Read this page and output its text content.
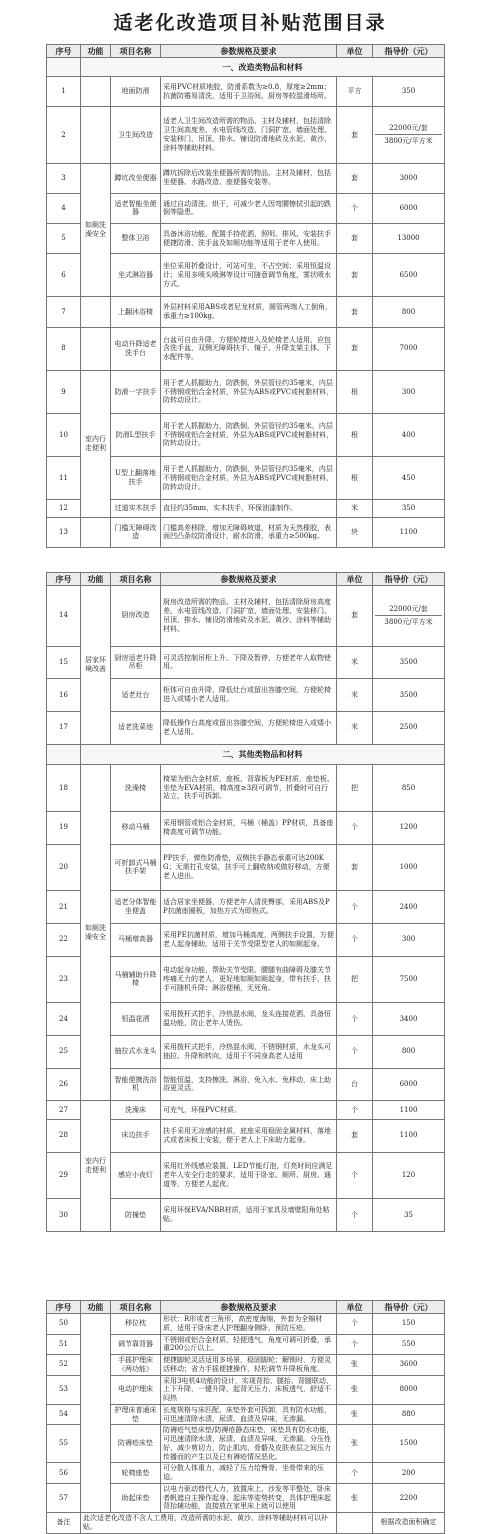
适老化改造项目补贴范围目录
序号	功能	项目名称	参数规格及要求	单位	指导价（元）
	一、改造类物品和材料				
1		地面防滑	采用PVC材质地胶，防滑系数为≥0.8，厚度≥2mm；抗菌防霉易清洗，适用于卫浴间、厨房等较湿滑场所。	平方	350
2		卫生间改造	适老人卫生间改造所需的物品、主材及辅材，包括清除卫生间高度差、水电管线改造、门洞扩宽、墙面处理、安装移门、吊顶、排水、铺设防滑地砖及水泥、黄沙、涂料等辅助材料。	套	22000元/套
3800元/平方米

3	如厕洗澡安全	蹲坑改坐便器	蹲坑拆除后改装坐便器所需的物品、主材及辅材，包括坐便器、水路改造、座便器安装等。	套	3000
4		适老智能坐便器	通过自动清洗、烘干，可减少老人因弯腰擦拭引起的跌倒等隐患。	个	6000
5		整体卫浴	具备沐浴功能，配置手持花洒、照明、排风、安装扶手便捷防滑、洗手盆及如厕功能等适用于老年人使用。	套	13000
6		坐式淋浴器	坐位采用折叠设计，可站可坐，不占空间；采用恒温设计；采用多喷头喷淋等设计可随意调节角度，雾状喷水方式。	套	6500
7		上翻沐浴椅	外层材料采用ABS或者尼龙材质，圆管两端人工倒角，承重力≥100kg。	套	800
8		电动升降适老洗手台	台盆可自由升降，方便轮椅进入及轮椅老人适用，应包含洗手盆、双侧无障碍扶手、镜子、升降支架主体、下水配件等。	套	7000
9	室内行走便利	防滑一字扶手	用于老人抓握助力，防跌倒，外层管径约35毫米，内层不锈钢或铝合金材质，外层为ABS或PVC或树脂材料，防转动设计。	根	300
10		防滑L型扶手	用于老人抓握助力，防跌倒，外层管径约35毫米，内层不锈钢或铝合金材质，外层为ABS或PVC或树脂材料，防转动设计。	根	400
11		U型上翻落地扶手	用于老人抓握助力，防跌倒，外层管径约35毫米，内层不锈钢或铝合金材质，外层为ABS或PVC或树脂材料，防转动设计。	根	450
12		过道实木扶手	直径约35mm，实木扶手，环保油漆制作。	米	350
13		门槛无障碍改造	门槛高差移除，增加无障碍坡道，材质为天然橡胶，表面凹凸条纹防滑设计，耐水防滑，承重力≥500kg。	块	1100
序号	功能	项目名称	参数规格及要求	单位	指导价（元）
14	居家环境改善	厨房改造	厨房改造所需的物品、主材及辅材，包括清除厨房高度差、水电管线改造、门洞扩宽、墙面处理、安装移门、吊顶、排水、铺设防滑地砖及水泥、黄沙、涂料等辅助材料。	套	22000元/套
3800元/平方米

15		厨房适老升降吊柜	可灵活控制吊柜上升、下降及暂停，方便老年人取物使用。	米	3500
16		适老灶台	柜体可自由升降，降低灶台或留出容膝空间，方便轮椅进入或矮小老人适用。	米	3500
17		适老洗菜池	降低操作台高度或留出容膝空间，方便轮椅进入或矮小老人适用。	米	2500
	二、其他类物品和材料				
18	如厕洗澡安全	洗澡椅	椅架为铝合金材质，座板、背靠板为PE材质，座垫板、坐垫为EVA材质，椅高度≥3段可调节，折叠时可自行站立，扶手可拆卸。	把	850
19		移动马桶	采用钢管或铝合金材质，马桶（桶盖）PP材质，具备座椅高度可调节功能。	个	1200
20		可折卸式马桶扶手架	PP扶手，弹性防滑垫，双侧扶手静态承重可达200KG；无需打孔安装，扶手可上翻收纳或做好移动，方便老人进出。	套	1000
21		适老分体智能坐便盖	适合居家坐便器，方便老年人清洗臀部，采用ABS及PP抗菌座圈板，加热方式为即热式。	个	2400
22		马桶增高器	采用PE抗菌材质，增加马桶高度，两侧扶手设置，方便老人起身辅助，适用于关节受限型老人的如厕起身。	个	300
23		马桶辅助升降椅	电动起身功能，帮助关节受限、腰腿有曲障碍及膝关节疼痛无力的老人，更好地如厕如厕起身，带有扶手，扶手可随机升降；淋浴便桶，无死角。	把	7500
24		恒温花洒	采用拨杆式把手，冷热混水阀，龙头连接花洒，具备恒温功能，防止老年人烫伤。	个	3400
25		抽拉式水龙头	采用拨杆式把手，冷热混水阀，不锈钢材质，水龙头可抽拉、升降和转向，适用于不同身高老人适用	个	800
26		智能便携洗浴机	智能恒温，支持擦洗、淋浴，免入水、免移动，床上助浴更灵活。	台	6000
27	室内行走便利	洗澡床	可充气，环保PVC材质。	个	1100
28		床边扶手	扶手采用无凉感的材质，底座采用稳固金属材料，落地式或者床板上安装，便于老人上下床助力起身。	套	1100
29		感应小夜灯	采用红外线感应装置，LED节能灯泡，灯亮时间应满足老年人安全行走的要求，适用于卧室、厕所、厨房、通道等，方便老人起夜。	个	120
30		防撞垫	采用环保EVA/NBR材质，适用于家具及墙壁阳角处粘贴。	个	35
序号	功能	项目名称	参数规格及要求	单位	指导价（元）
50		移位枕	形状：R形或者三角形，高密度海绵，外套为全棉材质，适用于卧床老人护理翻身侧卧，预防压疮。	个	150
51		调节靠背器	不锈钢或铝合金材质，轻便透气，角度可调可折叠，承重200公斤以上。	个	550
52		手摇护理床（两功能）	便捷脚轮灵活适用多场景，稳固脚轮；解锁时，方便灵活移动；省力手摇便捷操作，轻松调节升降板角度。	张	3600
53		电动护理床	采用3电机4功能的设计，实现背抬、腿抬、背腿联动、上下升降，一键升降，起背无压力，床板透气，舒适不闷热	张	8000
54		护理床普通床垫	长度规格与床匹配，床垫外套可拆卸，具有防水功能，可迅速清除水渍、尿渍、血渍及异味，无渗漏。	张	880
55		防褥疮床垫	防褥疮气垫床垫/防褥疮静态床垫，床垫具有防水功能，可迅速清除水渍、尿渍、血渍及异味，无渗漏。分压性好，减少剪切力，防止肌肉、骨骼及皮肤表层之间压力传播而的产生以及已有褥疮情况恶化。	张	1500
56		轮椅座垫	可分散人体重力，减轻了压力给臀骨、坐骨带来的压迫。	个	200
57		助起床垫	以电力驱动替代人力，放置床上、沙发等平整处，卧床者帆遮自主操作起身、起床等姿势转变，具体护理床起背抬辅功能，直接放在家里床上就可以使用	张	2200
备注	此次适老化改造不含人工费用，改造所需的水泥、黄沙、涂料等辅助材料可以补贴。				根据改造面积确定
